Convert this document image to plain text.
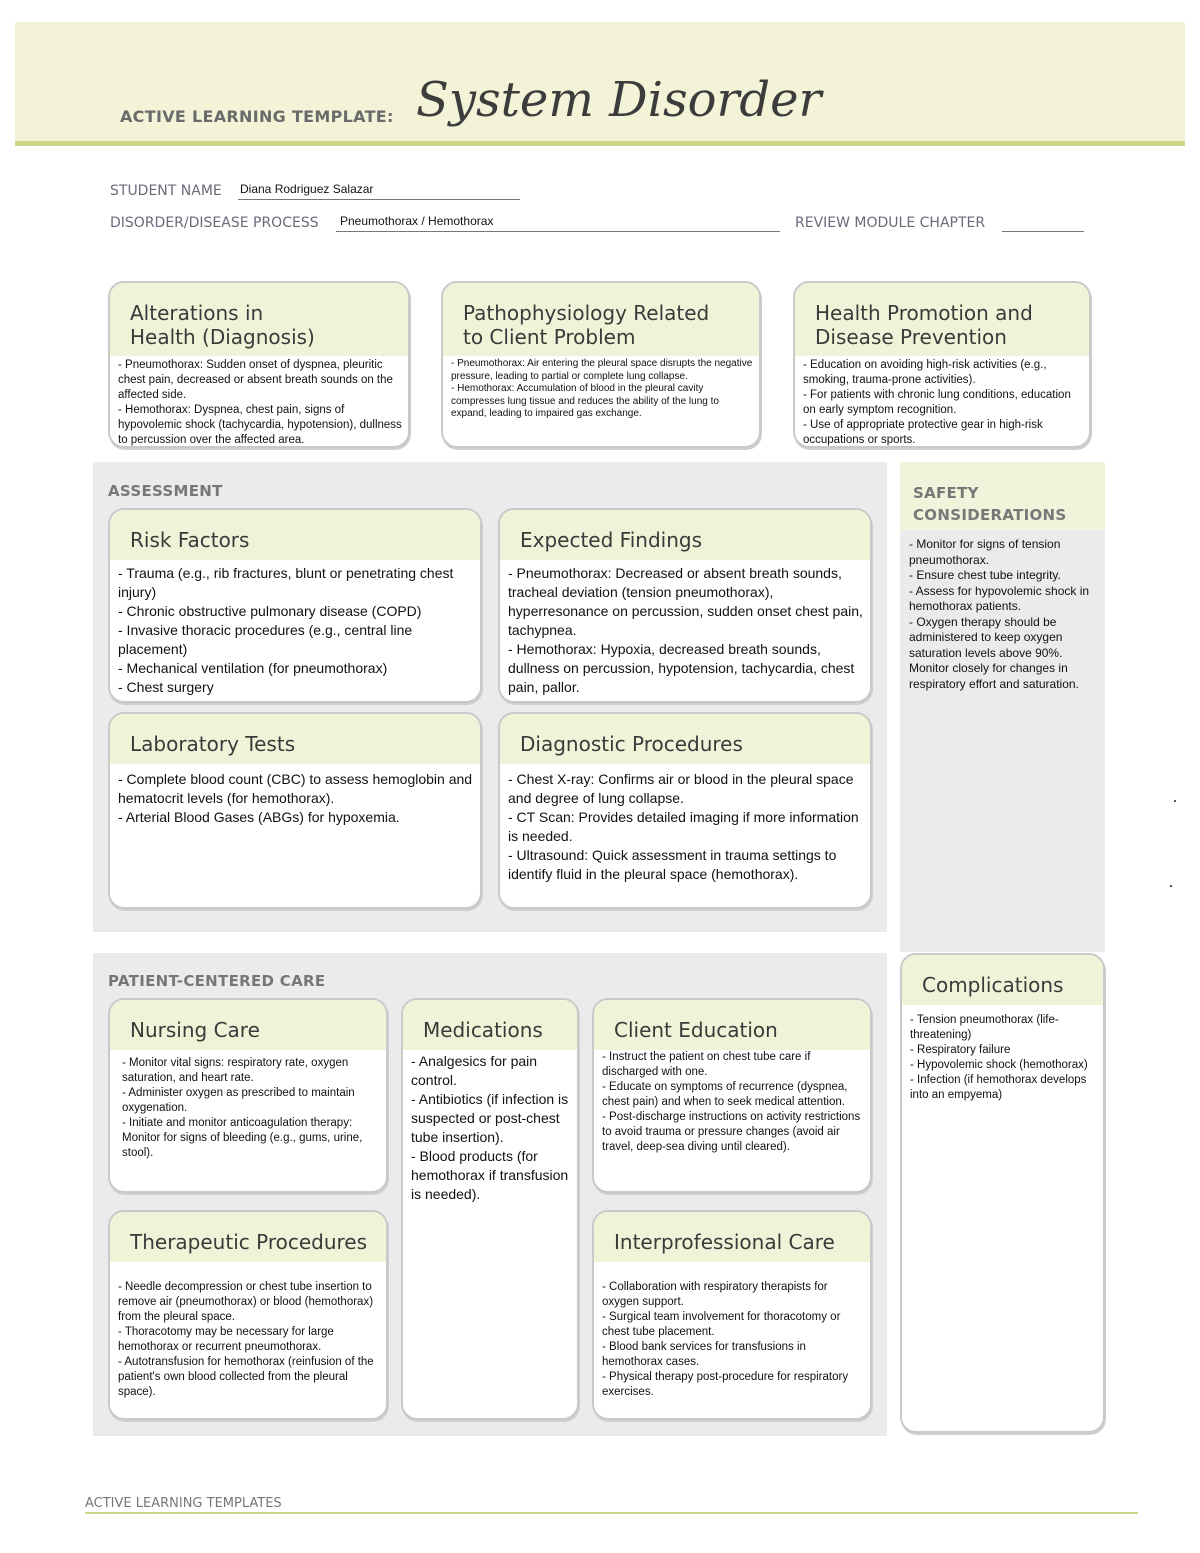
ACTIVE LEARNING TEMPLATE: System Disorder
STUDENT NAME Diana Rodriguez Salazar
DISORDER/DISEASE PROCESS Pneumothorax / Hemothorax	REVIEW MODULE CHAPTER
Alterations in
Health (Diagnosis)
- Pneumothorax: Sudden onset of dyspnea, pleuritic chest pain, decreased or absent breath sounds on the affected side.
- Hemothorax: Dyspnea, chest pain, signs of hypovolemic shock (tachycardia, hypotension), dullness to percussion over the affected area.
Pathophysiology Related
to Client Problem
- Pneumothorax: Air entering the pleural space disrupts the negative pressure, leading to partial or complete lung collapse.
- Hemothorax: Accumulation of blood in the pleural cavity compresses lung tissue and reduces the ability of the lung to expand, leading to impaired gas exchange.
Health Promotion and
Disease Prevention
- Education on avoiding high-risk activities (e.g., smoking, trauma-prone activities).
- For patients with chronic lung conditions, education on early symptom recognition.
- Use of appropriate protective gear in high-risk occupations or sports.
ASSESSMENT
Risk Factors
- Trauma (e.g., rib fractures, blunt or penetrating chest injury)
- Chronic obstructive pulmonary disease (COPD)
- Invasive thoracic procedures (e.g., central line placement)
- Mechanical ventilation (for pneumothorax)
- Chest surgery
Expected Findings
- Pneumothorax: Decreased or absent breath sounds, tracheal deviation (tension pneumothorax), hyperresonance on percussion, sudden onset chest pain, tachypnea.
- Hemothorax: Hypoxia, decreased breath sounds, dullness on percussion, hypotension, tachycardia, chest pain, pallor.
Laboratory Tests
- Complete blood count (CBC) to assess hemoglobin and hematocrit levels (for hemothorax).
- Arterial Blood Gases (ABGs) for hypoxemia.
Diagnostic Procedures
- Chest X-ray: Confirms air or blood in the pleural space and degree of lung collapse.
- CT Scan: Provides detailed imaging if more information is needed.
- Ultrasound: Quick assessment in trauma settings to identify fluid in the pleural space (hemothorax).
SAFETY
CONSIDERATIONS
- Monitor for signs of tension pneumothorax.
- Ensure chest tube integrity.
- Assess for hypovolemic shock in hemothorax patients.
- Oxygen therapy should be administered to keep oxygen saturation levels above 90%. Monitor closely for changes in respiratory effort and saturation.
Complications
- Tension pneumothorax (life-threatening)
- Respiratory failure
- Hypovolemic shock (hemothorax)
- Infection (if hemothorax develops into an empyema)
PATIENT-CENTERED CARE
Nursing Care
- Monitor vital signs: respiratory rate, oxygen saturation, and heart rate.
- Administer oxygen as prescribed to maintain oxygenation.
- Initiate and monitor anticoagulation therapy: Monitor for signs of bleeding (e.g., gums, urine, stool).
Medications
- Analgesics for pain control.
- Antibiotics (if infection is suspected or post-chest tube insertion).
- Blood products (for hemothorax if transfusion is needed).
Client Education
- Instruct the patient on chest tube care if discharged with one.
- Educate on symptoms of recurrence (dyspnea, chest pain) and when to seek medical attention.
- Post-discharge instructions on activity restrictions to avoid trauma or pressure changes (avoid air travel, deep-sea diving until cleared).
Therapeutic Procedures
- Needle decompression or chest tube insertion to remove air (pneumothorax) or blood (hemothorax) from the pleural space.
- Thoracotomy may be necessary for large hemothorax or recurrent pneumothorax.
- Autotransfusion for hemothorax (reinfusion of the patient's own blood collected from the pleural space).
Interprofessional Care
- Collaboration with respiratory therapists for oxygen support.
- Surgical team involvement for thoracotomy or chest tube placement.
- Blood bank services for transfusions in hemothorax cases.
- Physical therapy post-procedure for respiratory exercises.
ACTIVE LEARNING TEMPLATES
